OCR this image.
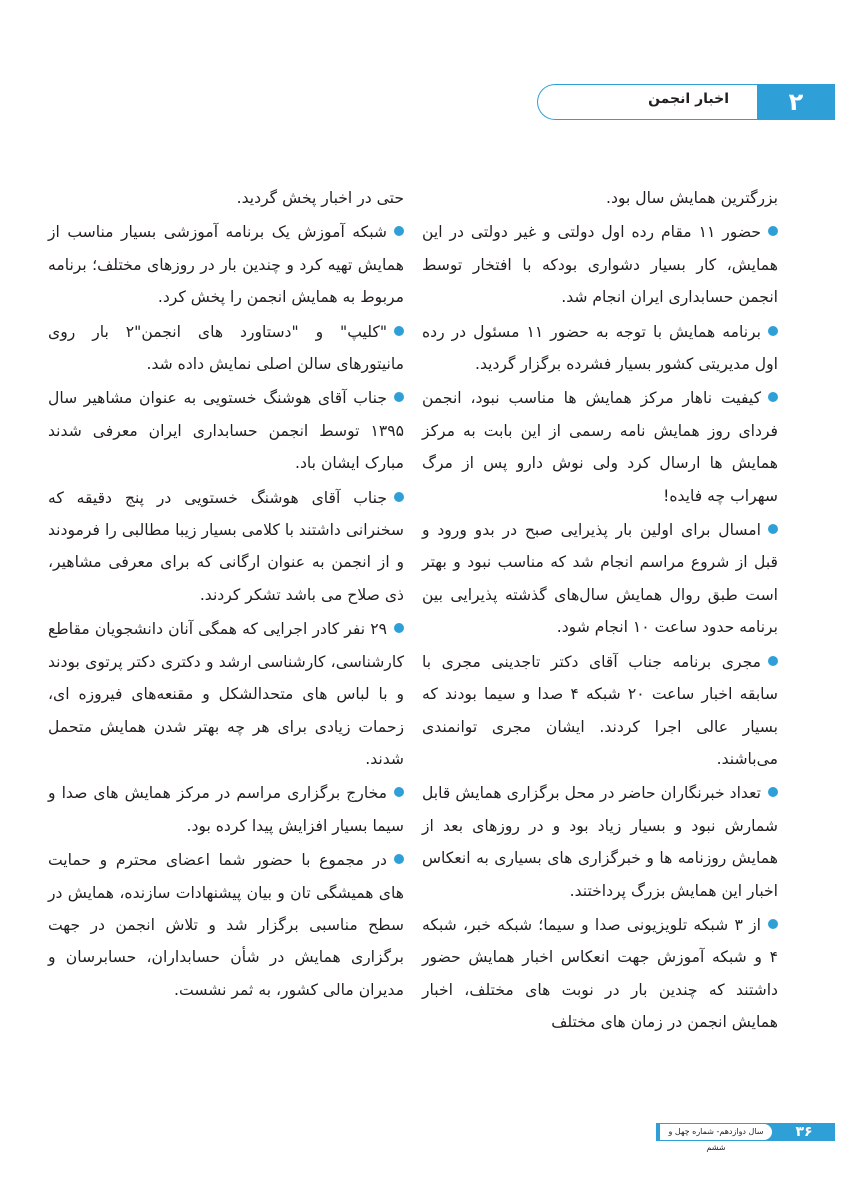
اخبار انجمن	۲

بزرگترین همایش سال بود.

حضور ۱۱ مقام رده اول دولتی و غیر دولتی در این همایش، کار بسیار دشواری بودکه با افتخار توسط انجمن حسابداری ایران انجام شد.

برنامه همایش با توجه به حضور ۱۱ مسئول در رده اول مدیریتی کشور بسیار فشرده برگزار گردید.

کیفیت ناهار مرکز همایش ها مناسب نبود، انجمن فردای روز همایش نامه رسمی از این بابت به مرکز همایش ها ارسال کرد ولی نوش دارو پس از مرگ سهراب چه فایده!

امسال برای اولین بار پذیرایی صبح در بدو ورود و قبل از شروع مراسم انجام شد که مناسب نبود و بهتر است طبق روال همایش سال‌های گذشته پذیرایی بین برنامه حدود ساعت ۱۰ انجام شود.

مجری برنامه جناب آقای دکتر تاجدینی مجری با سابقه اخبار ساعت ۲۰ شبکه ۴ صدا و سیما بودند که بسیار عالی اجرا کردند. ایشان مجری توانمندی می‌باشند.

تعداد خبرنگاران حاضر در محل برگزاری همایش قابل شمارش نبود و بسیار زیاد بود و در روزهای بعد از همایش روزنامه ها و خبرگزاری های بسیاری به انعکاس اخبار این همایش بزرگ پرداختند.

از ۳ شبکه تلویزیونی صدا و سیما؛ شبکه خبر، شبکه ۴ و شبکه آموزش جهت انعکاس اخبار همایش حضور داشتند که چندین بار در نوبت های مختلف، اخبار همایش انجمن در زمان های مختلف

حتی در اخبار پخش گردید.

شبکه آموزش یک برنامه آموزشی بسیار مناسب از همایش تهیه کرد و چندین بار در روزهای مختلف؛ برنامه مربوط به همایش انجمن را پخش کرد.

"کلیپ" و "دستاورد های انجمن"۲ بار روی مانیتورهای سالن اصلی نمایش داده شد.

جناب آقای هوشنگ خستویی به عنوان مشاهیر سال ۱۳۹۵ توسط انجمن حسابداری ایران معرفی شدند مبارک ایشان باد.

جناب آقای هوشنگ خستویی در پنج دقیقه که سخنرانی داشتند با کلامی بسیار زیبا مطالبی را فرمودند و از انجمن به عنوان ارگانی که برای معرفی مشاهیر، ذی صلاح می باشد تشکر کردند.

۲۹ نفر کادر اجرایی که همگی آنان دانشجویان مقاطع کارشناسی، کارشناسی ارشد و دکتری دکتر پرتوی بودند و با لباس های متحدالشکل و مقنعه‌های فیروزه ای، زحمات زیادی برای هر چه بهتر شدن همایش متحمل شدند.

مخارج برگزاری مراسم در مرکز همایش های صدا و سیما بسیار افزایش پیدا کرده بود.

در مجموع با حضور شما اعضای محترم و حمایت های همیشگی تان و بیان پیشنهادات سازنده، همایش در سطح مناسبی برگزار شد و تلاش انجمن در جهت برگزاری همایش در شأن حسابداران، حسابرسان و مدیران مالی کشور، به ثمر نشست.

سال دوازدهم- شماره چهل و ششم
۳۶
